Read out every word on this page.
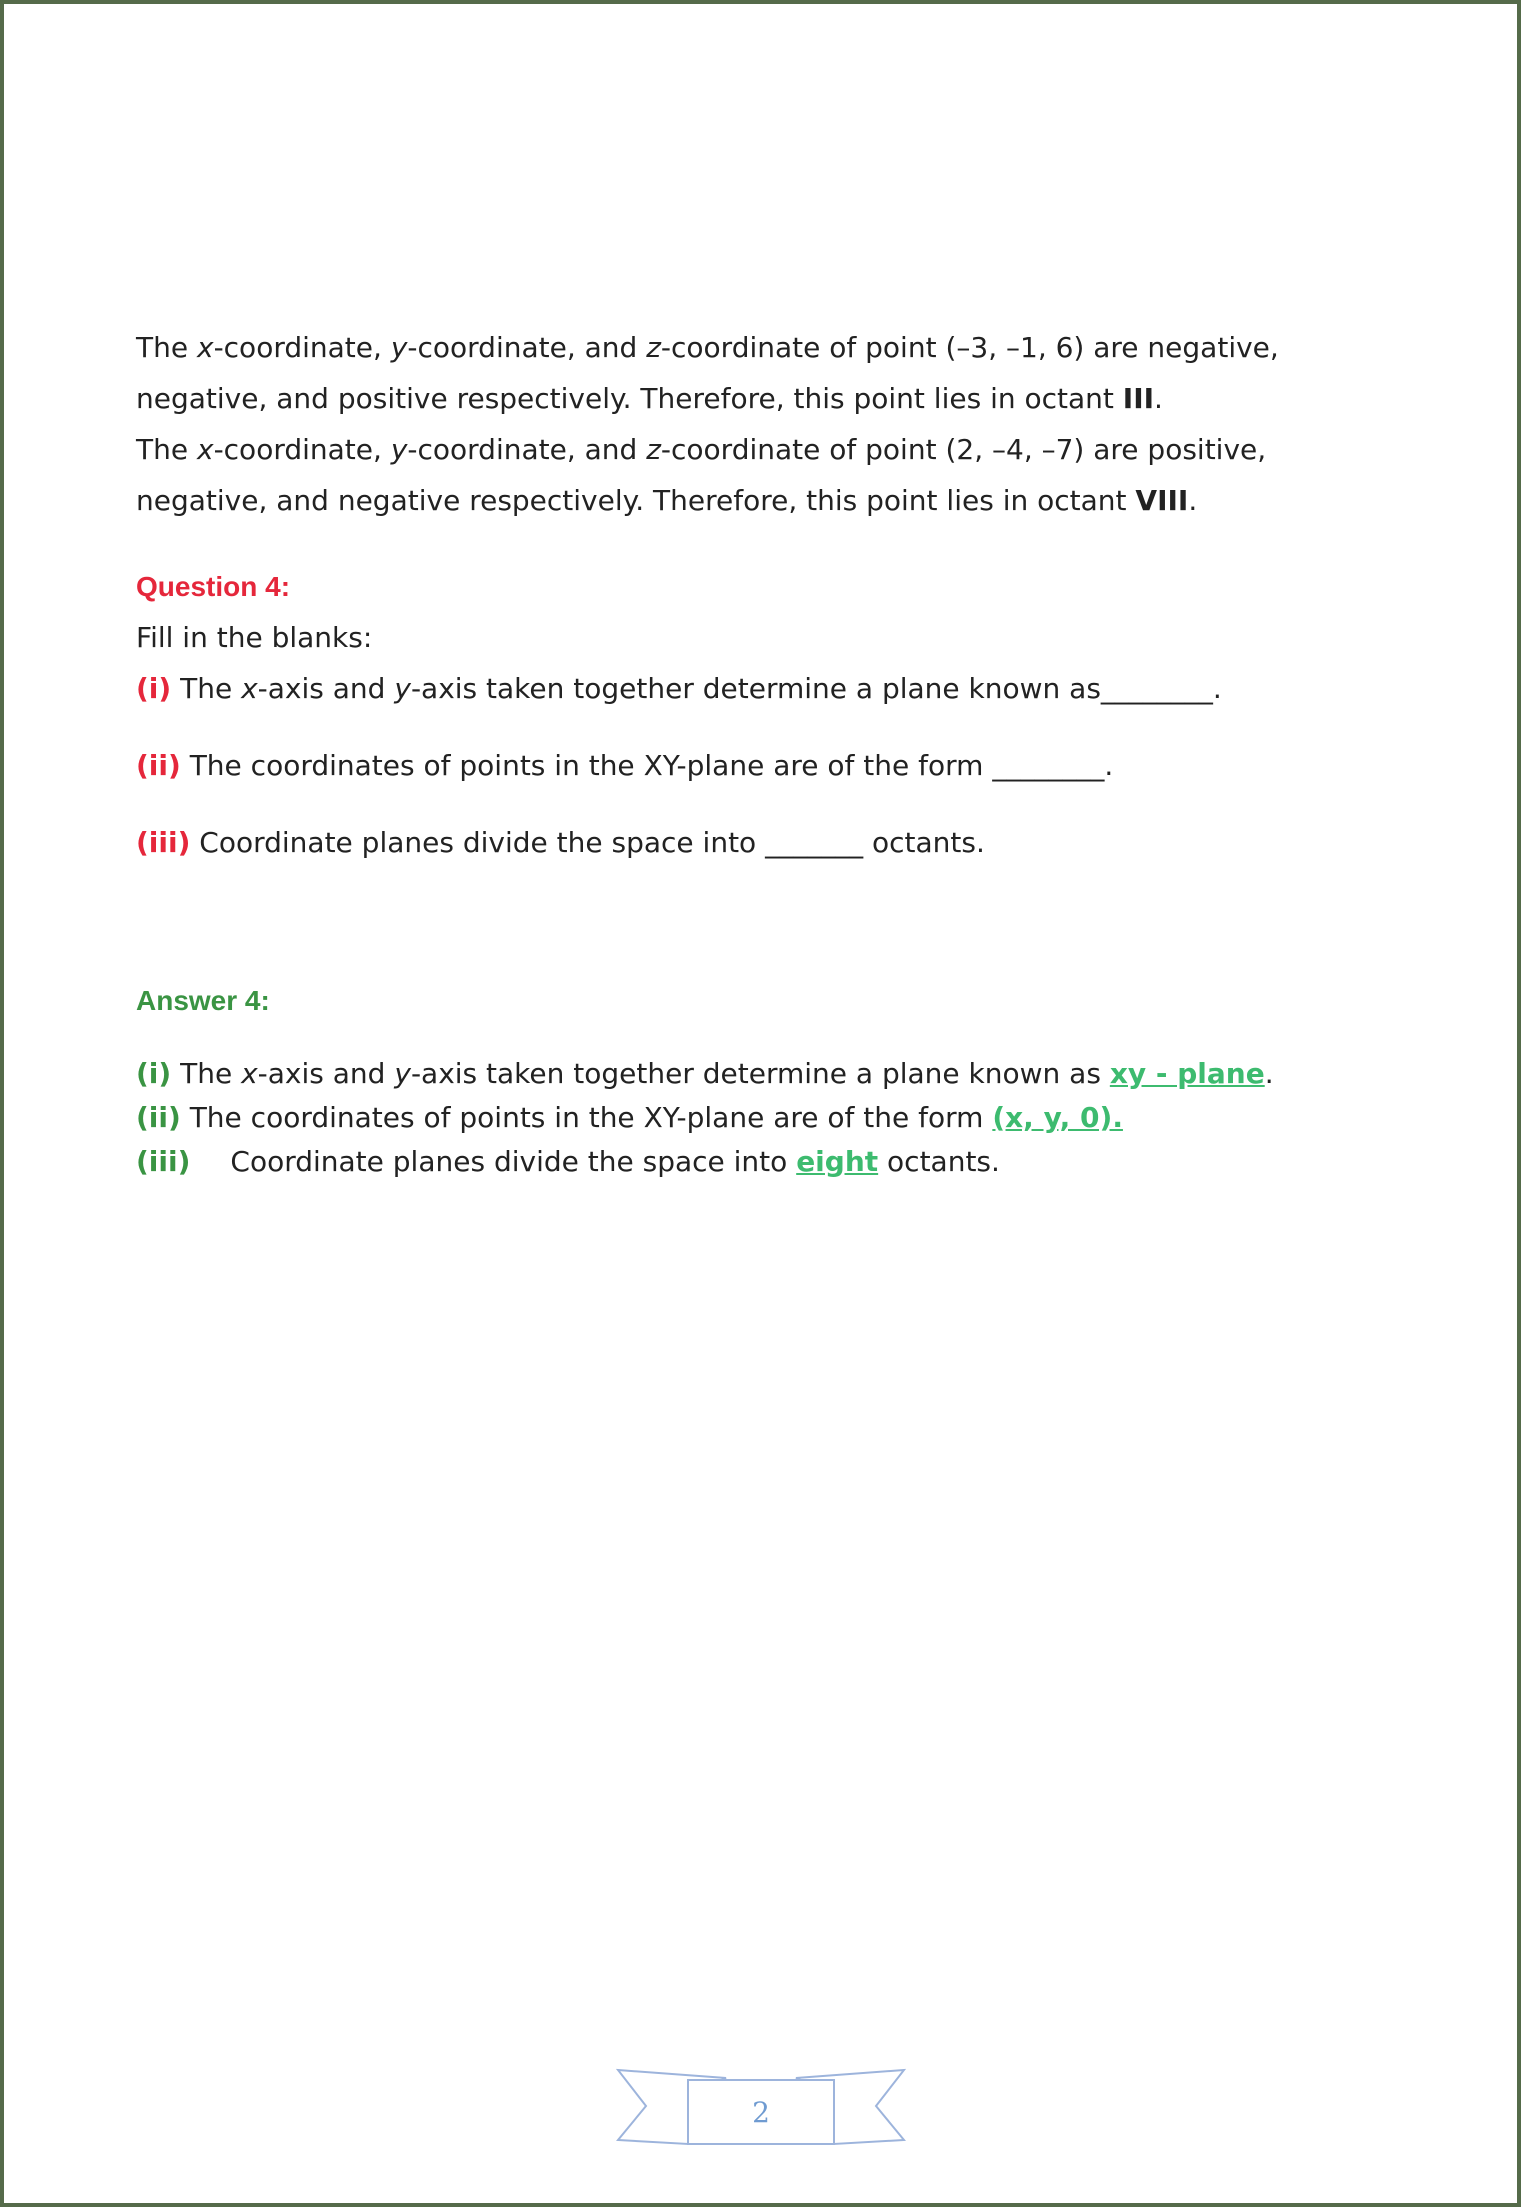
The x-coordinate, y-coordinate, and z-coordinate of point (–3, –1, 6) are negative,

negative, and positive respectively. Therefore, this point lies in octant III.

The x-coordinate, y-coordinate, and z-coordinate of point (2, –4, –7) are positive,

negative, and negative respectively. Therefore, this point lies in octant VIII.

Question 4:

Fill in the blanks:

(i) The x-axis and y-axis taken together determine a plane known as________.

(ii) The coordinates of points in the XY-plane are of the form ________.

(iii) Coordinate planes divide the space into _______ octants.

Answer 4:

(i) The x-axis and y-axis taken together determine a plane known as xy - plane.

(ii) The coordinates of points in the XY-plane are of the form (x, y, 0).

(iii) Coordinate planes divide the space into eight octants.

2
